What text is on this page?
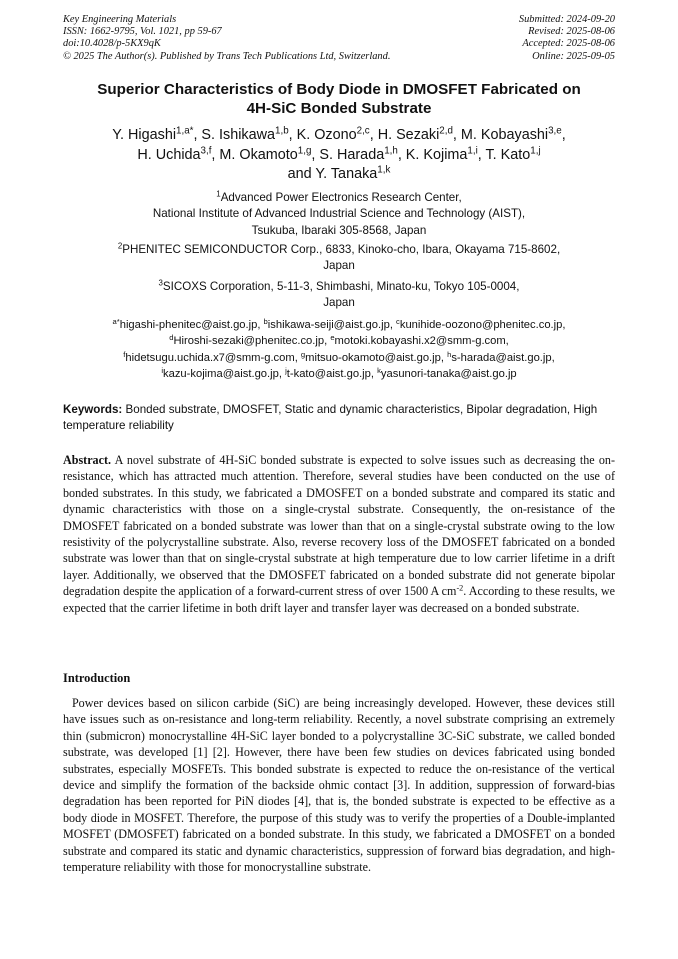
Key Engineering Materials
ISSN: 1662-9795, Vol. 1021, pp 59-67
doi:10.4028/p-5KX9qK
© 2025 The Author(s). Published by Trans Tech Publications Ltd, Switzerland.
Submitted: 2024-09-20
Revised: 2025-08-06
Accepted: 2025-08-06
Online: 2025-09-05
Superior Characteristics of Body Diode in DMOSFET Fabricated on
4H-SiC Bonded Substrate
Y. Higashi$^{1,a*}$, S. Ishikawa$^{1,b}$, K. Ozono$^{2,c}$, H. Sezaki$^{2,d}$, M. Kobayashi$^{3,e}$,
H. Uchida$^{3,f}$, M. Okamoto$^{1,g}$, S. Harada$^{1,h}$, K. Kojima$^{1,i}$, T. Kato$^{1,j}$
and Y. Tanaka$^{1,k}$
$^1$Advanced Power Electronics Research Center,
National Institute of Advanced Industrial Science and Technology (AIST),
Tsukuba, Ibaraki 305-8568, Japan
$^2$PHENITEC SEMICONDUCTOR Corp., 6833, Kinoko-cho, Ibara, Okayama 715-8602,
Japan
$^3$SICOXS Corporation, 5-11-3, Shimbashi, Minato-ku, Tokyo 105-0004,
Japan
$^{a*}$higashi-phenitec@aist.go.jp, $^b$ishikawa-seiji@aist.go.jp, $^c$kunihide-oozono@phenitec.co.jp,
$^d$Hiroshi-sezaki@phenitec.co.jp, $^e$motoki.kobayashi.x2@smm-g.com,
$^f$hidetsugu.uchida.x7@smm-g.com, $^g$mitsuo-okamoto@aist.go.jp, $^h$s-harada@aist.go.jp,
$^i$kazu-kojima@aist.go.jp, $^j$t-kato@aist.go.jp, $^k$yasunori-tanaka@aist.go.jp
Keywords: Bonded substrate, DMOSFET, Static and dynamic characteristics, Bipolar degradation, High temperature reliability
Abstract. A novel substrate of 4H-SiC bonded substrate is expected to solve issues such as decreasing the on-resistance, which has attracted much attention. Therefore, several studies have been conducted on the use of bonded substrates. In this study, we fabricated a DMOSFET on a bonded substrate and compared its static and dynamic characteristics with those on a single-crystal substrate. Consequently, the on-resistance of the DMOSFET fabricated on a bonded substrate was lower than that on a single-crystal substrate owing to the low resistivity of the polycrystalline substrate. Also, reverse recovery loss of the DMOSFET fabricated on a bonded substrate was lower than that on single-crystal substrate at high temperature due to low carrier lifetime in a drift layer. Additionally, we observed that the DMOSFET fabricated on a bonded substrate did not generate bipolar degradation despite the application of a forward-current stress of over 1500 A $cm^{-2}$. According to these results, we expected that the carrier lifetime in both drift layer and transfer layer was decreased on a bonded substrate.
Introduction
Power devices based on silicon carbide (SiC) are being increasingly developed. However, these devices still have issues such as on-resistance and long-term reliability. Recently, a novel substrate comprising an extremely thin (submicron) monocrystalline 4H-SiC layer bonded to a polycrystalline 3C-SiC substrate, we called bonded substrate, was developed [1] [2]. However, there have been few studies on devices fabricated using bonded substrates, especially MOSFETs. This bonded substrate is expected to reduce the on-resistance of the vertical device and simplify the formation of the backside ohmic contact [3]. In addition, suppression of forward-bias degradation has been reported for PiN diodes [4], that is, the bonded substrate is expected to be effective as a body diode in MOSFET. Therefore, the purpose of this study was to verify the properties of a Double-implanted MOSFET (DMOSFET) fabricated on a bonded substrate. In this study, we fabricated a DMOSFET on a bonded substrate and compared its static and dynamic characteristics, suppression of forward bias degradation, and high-temperature reliability with those for monocrystalline substrate.
